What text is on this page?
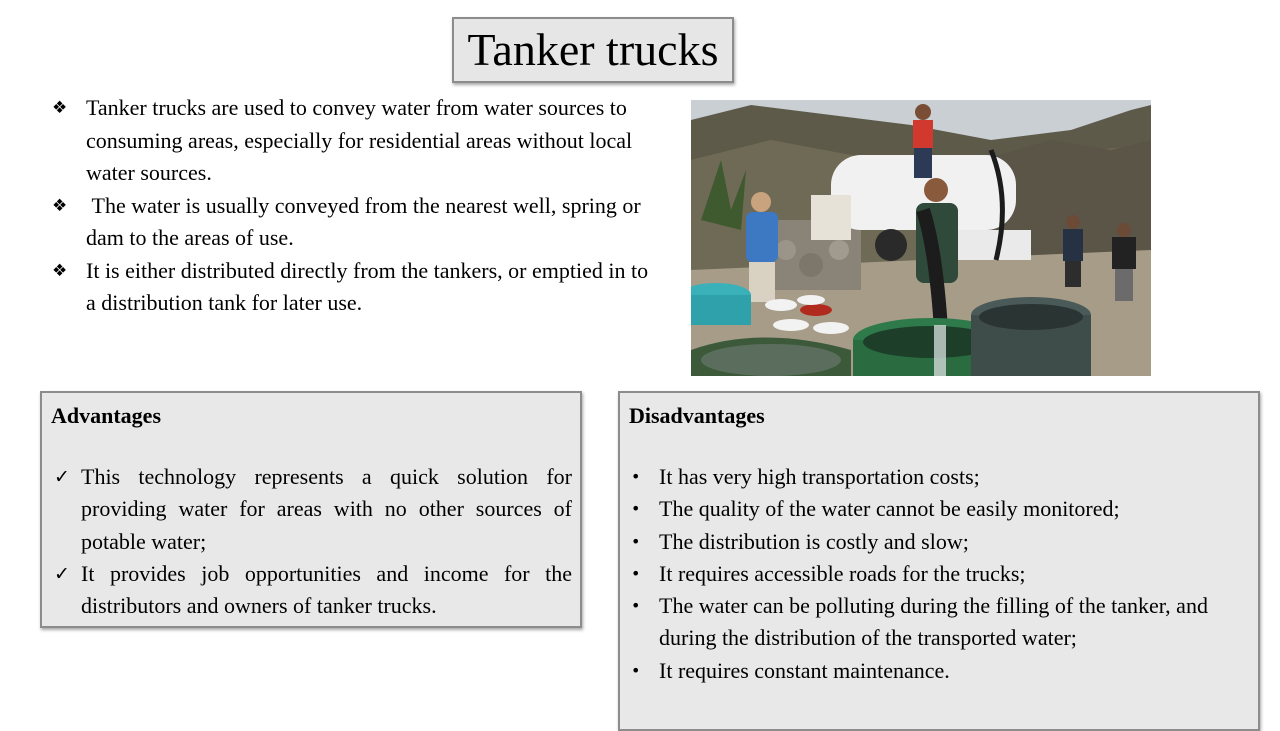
Tanker trucks
❖ Tanker trucks are used to convey water from water sources to consuming areas, especially for residential areas without local water sources.
❖ The water is usually conveyed from the nearest well, spring or dam to the areas of use.
❖ It is either distributed directly from the tankers, or emptied in to a distribution tank for later use.
Advantages
✓ This technology represents a quick solution for providing water for areas with no other sources of potable water;
✓ It provides job opportunities and income for the distributors and owners of tanker trucks.
Disadvantages
• It has very high transportation costs;
• The quality of the water cannot be easily monitored;
• The distribution is costly and slow;
• It requires accessible roads for the trucks;
• The water can be polluting during the filling of the tanker, and during the distribution of the transported water;
• It requires constant maintenance.
